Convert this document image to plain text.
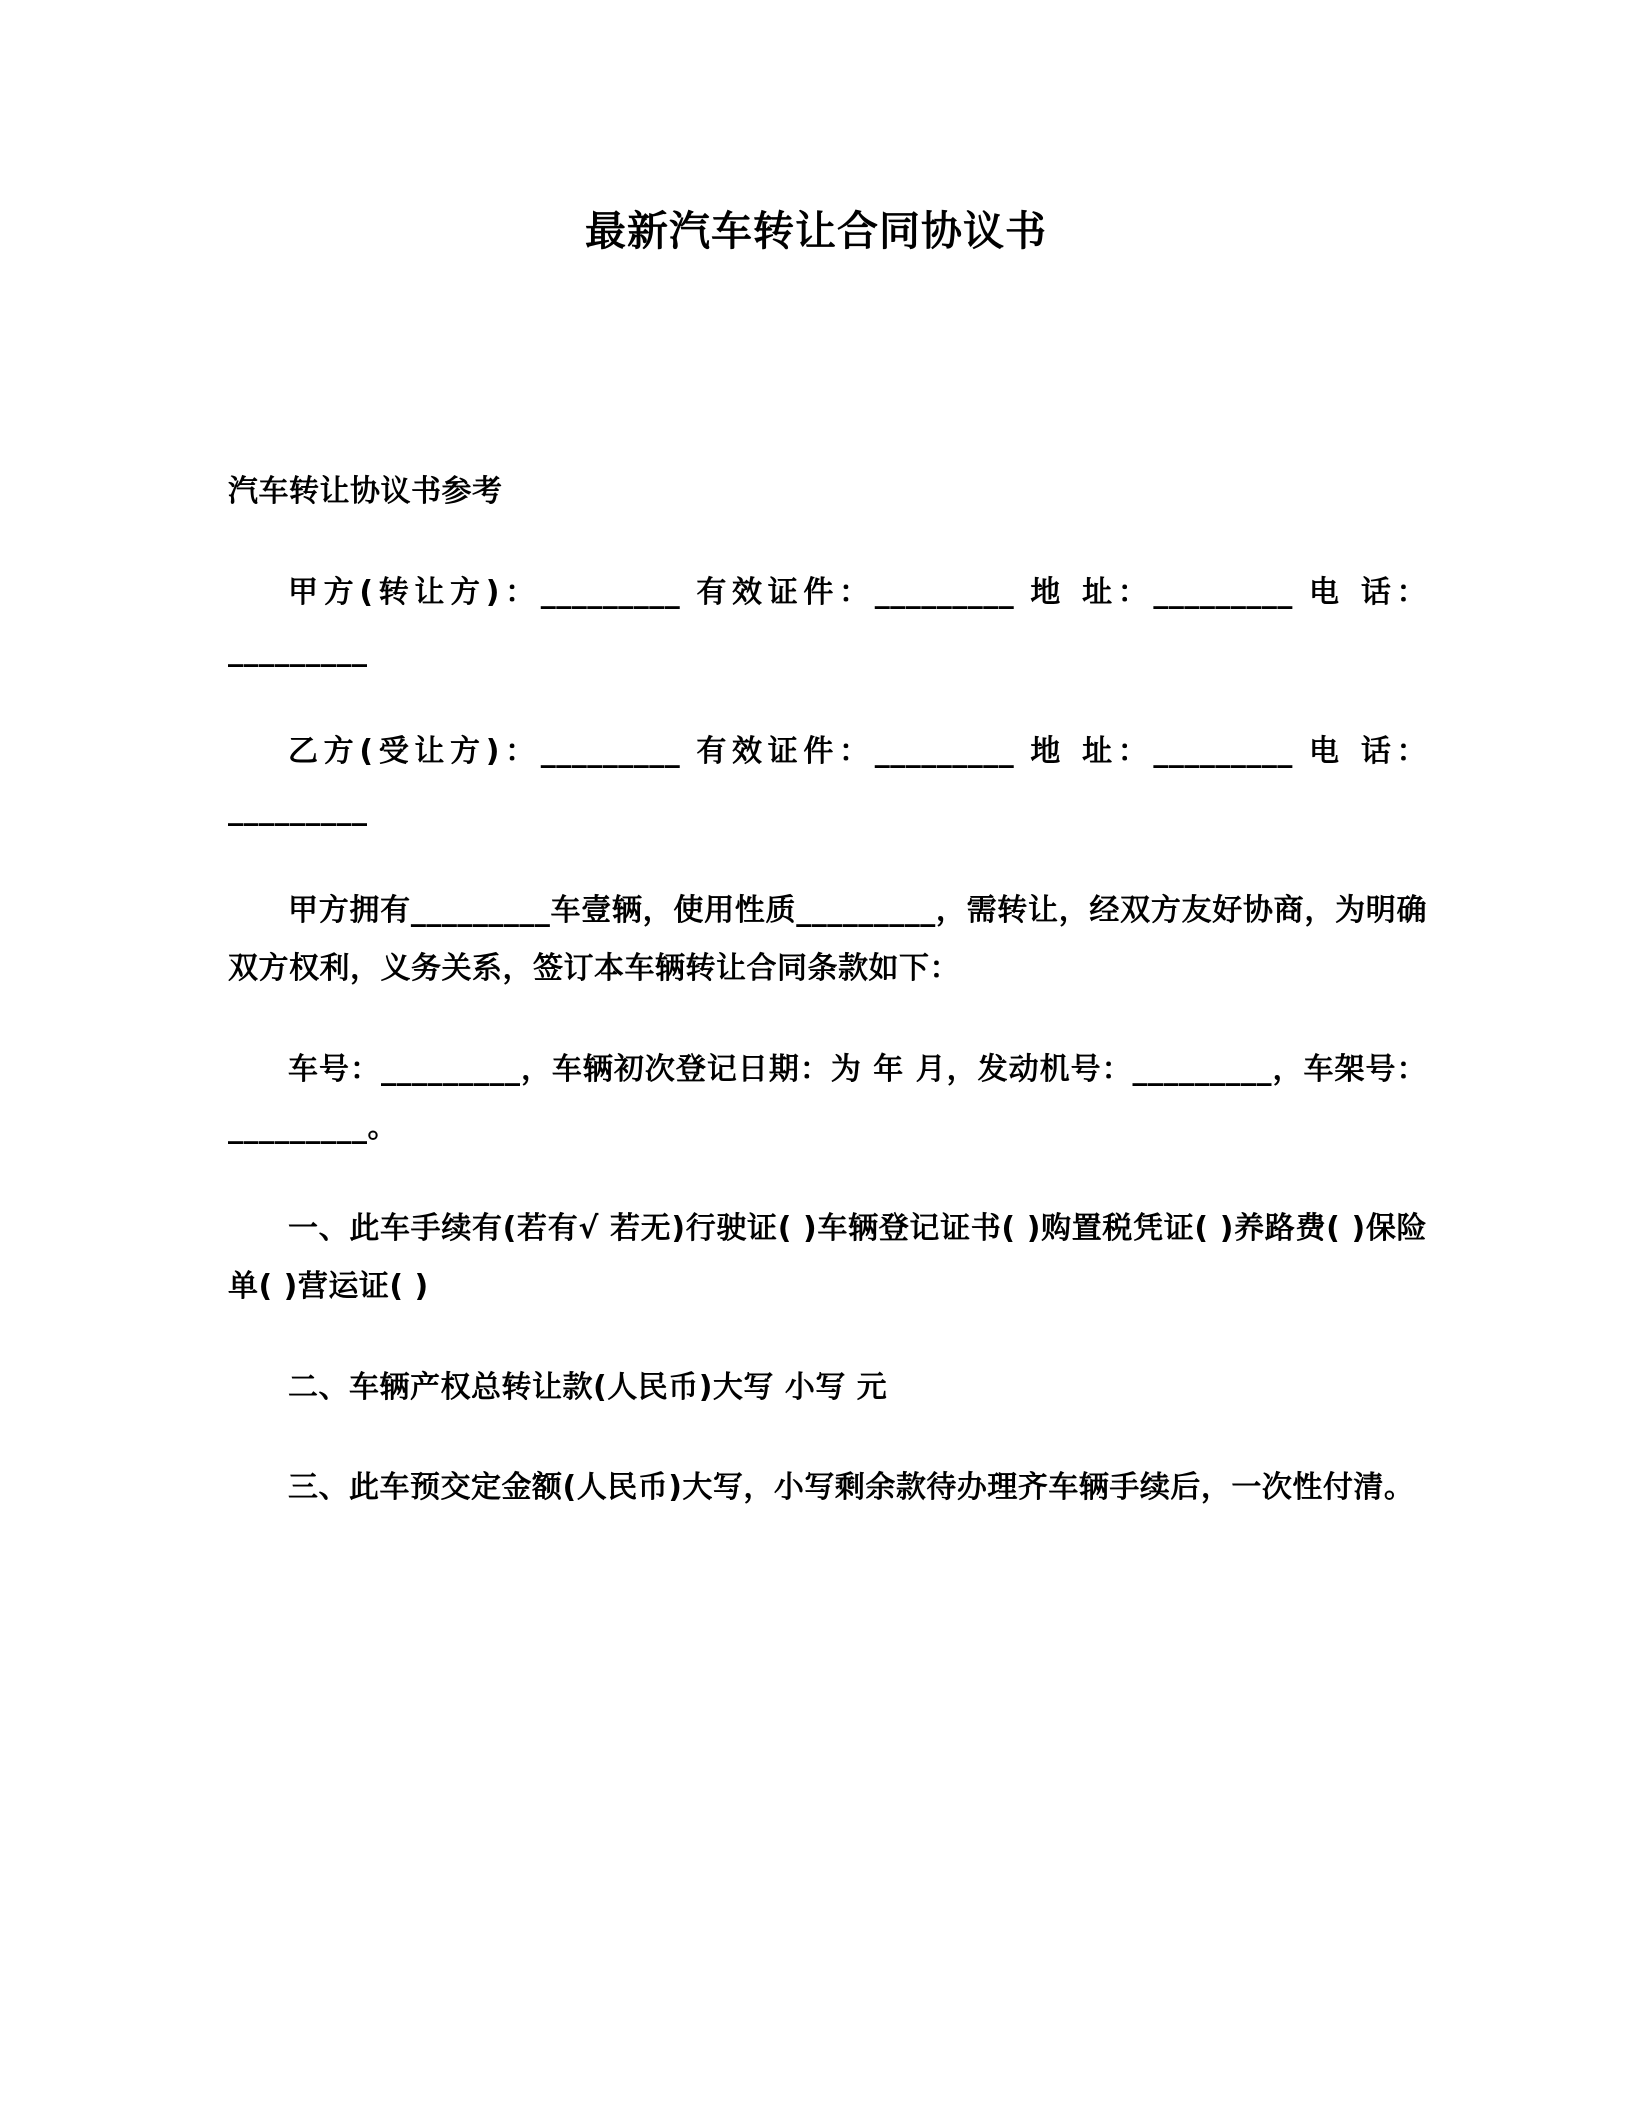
最新汽车转让合同协议书

汽车转让协议书参考

甲方(转让方)：_________ 有效证件：_________ 地 址：_________ 电 话：_________

乙方(受让方)：_________ 有效证件：_________ 地 址：_________ 电 话：_________

甲方拥有_________车壹辆，使用性质_________，需转让，经双方友好协商，为明确双方权利，义务关系，签订本车辆转让合同条款如下：

车号：_________，车辆初次登记日期：为 年 月，发动机号：_________，车架号：_________。

一、此车手续有(若有√ 若无)行驶证( )车辆登记证书( )购置税凭证( )养路费( )保险单( )营运证( )

二、车辆产权总转让款(人民币)大写 小写 元

三、此车预交定金额(人民币)大写，小写剩余款待办理齐车辆手续后，一次性付清。
